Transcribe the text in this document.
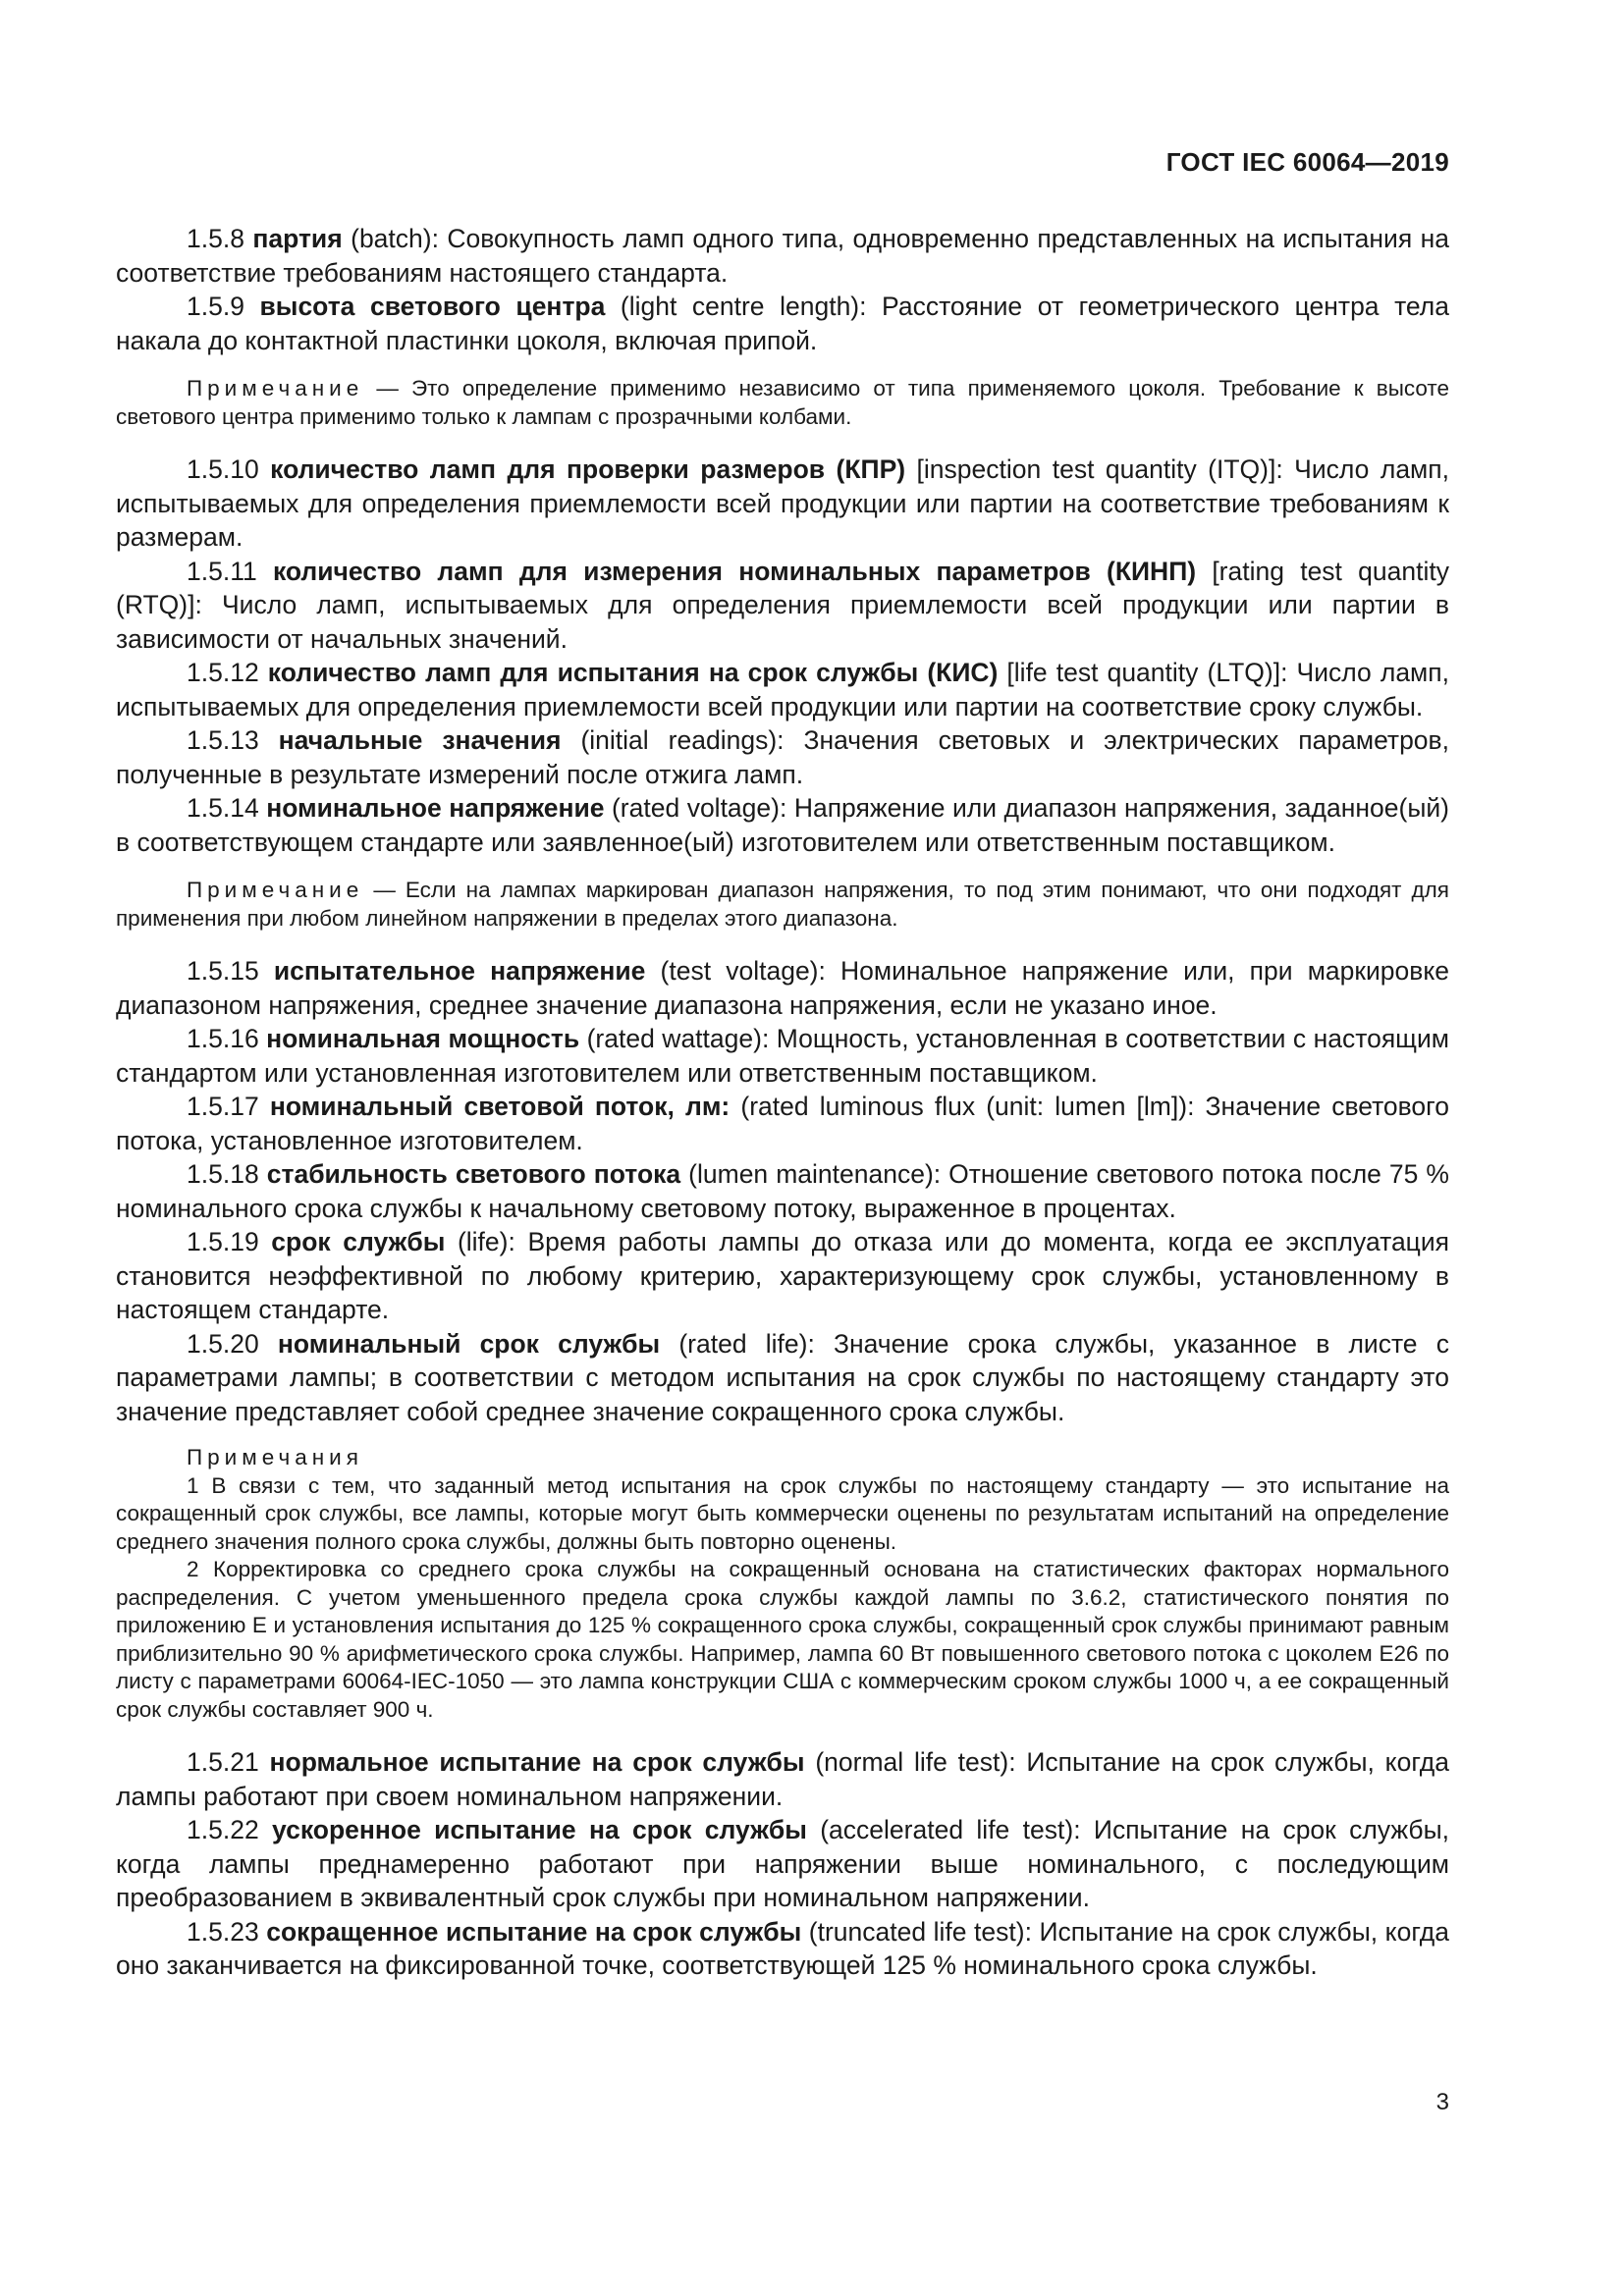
ГОСТ IEC 60064—2019

1.5.8 партия (batch): Совокупность ламп одного типа, одновременно представленных на испытания на соответствие требованиям настоящего стандарта.

1.5.9 высота светового центра (light centre length): Расстояние от геометрического центра тела накала до контактной пластинки цоколя, включая припой.

Примечание — Это определение применимо независимо от типа применяемого цоколя. Требование к высоте светового центра применимо только к лампам с прозрачными колбами.

1.5.10 количество ламп для проверки размеров (КПР) [inspection test quantity (ITQ)]: Число ламп, испытываемых для определения приемлемости всей продукции или партии на соответствие требованиям к размерам.

1.5.11 количество ламп для измерения номинальных параметров (КИНП) [rating test quantity (RTQ)]: Число ламп, испытываемых для определения приемлемости всей продукции или партии в зависимости от начальных значений.

1.5.12 количество ламп для испытания на срок службы (КИС) [life test quantity (LTQ)]: Число ламп, испытываемых для определения приемлемости всей продукции или партии на соответствие сроку службы.

1.5.13 начальные значения (initial readings): Значения световых и электрических параметров, полученные в результате измерений после отжига ламп.

1.5.14 номинальное напряжение (rated voltage): Напряжение или диапазон напряжения, заданное(ый) в соответствующем стандарте или заявленное(ый) изготовителем или ответственным поставщиком.

Примечание — Если на лампах маркирован диапазон напряжения, то под этим понимают, что они подходят для применения при любом линейном напряжении в пределах этого диапазона.

1.5.15 испытательное напряжение (test voltage): Номинальное напряжение или, при маркировке диапазоном напряжения, среднее значение диапазона напряжения, если не указано иное.

1.5.16 номинальная мощность (rated wattage): Мощность, установленная в соответствии с настоящим стандартом или установленная изготовителем или ответственным поставщиком.

1.5.17 номинальный световой поток, лм: (rated luminous flux (unit: lumen [lm]): Значение светового потока, установленное изготовителем.

1.5.18 стабильность светового потока (lumen maintenance): Отношение светового потока после 75 % номинального срока службы к начальному световому потоку, выраженное в процентах.

1.5.19 срок службы (life): Время работы лампы до отказа или до момента, когда ее эксплуатация становится неэффективной по любому критерию, характеризующему срок службы, установленному в настоящем стандарте.

1.5.20 номинальный срок службы (rated life): Значение срока службы, указанное в листе с параметрами лампы; в соответствии с методом испытания на срок службы по настоящему стандарту это значение представляет собой среднее значение сокращенного срока службы.

Примечания

1 В связи с тем, что заданный метод испытания на срок службы по настоящему стандарту — это испытание на сокращенный срок службы, все лампы, которые могут быть коммерчески оценены по результатам испытаний на определение среднего значения полного срока службы, должны быть повторно оценены.

2 Корректировка со среднего срока службы на сокращенный основана на статистических факторах нормального распределения. С учетом уменьшенного предела срока службы каждой лампы по 3.6.2, статистического понятия по приложению Е и установления испытания до 125 % сокращенного срока службы, сокращенный срок службы принимают равным приблизительно 90 % арифметического срока службы. Например, лампа 60 Вт повышенного светового потока с цоколем Е26 по листу с параметрами 60064-IEC-1050 — это лампа конструкции США с коммерческим сроком службы 1000 ч, а ее сокращенный срок службы составляет 900 ч.

1.5.21 нормальное испытание на срок службы (normal life test): Испытание на срок службы, когда лампы работают при своем номинальном напряжении.

1.5.22 ускоренное испытание на срок службы (accelerated life test): Испытание на срок службы, когда лампы преднамеренно работают при напряжении выше номинального, с последующим преобразованием в эквивалентный срок службы при номинальном напряжении.

1.5.23 сокращенное испытание на срок службы (truncated life test): Испытание на срок службы, когда оно заканчивается на фиксированной точке, соответствующей 125 % номинального срока службы.

3
